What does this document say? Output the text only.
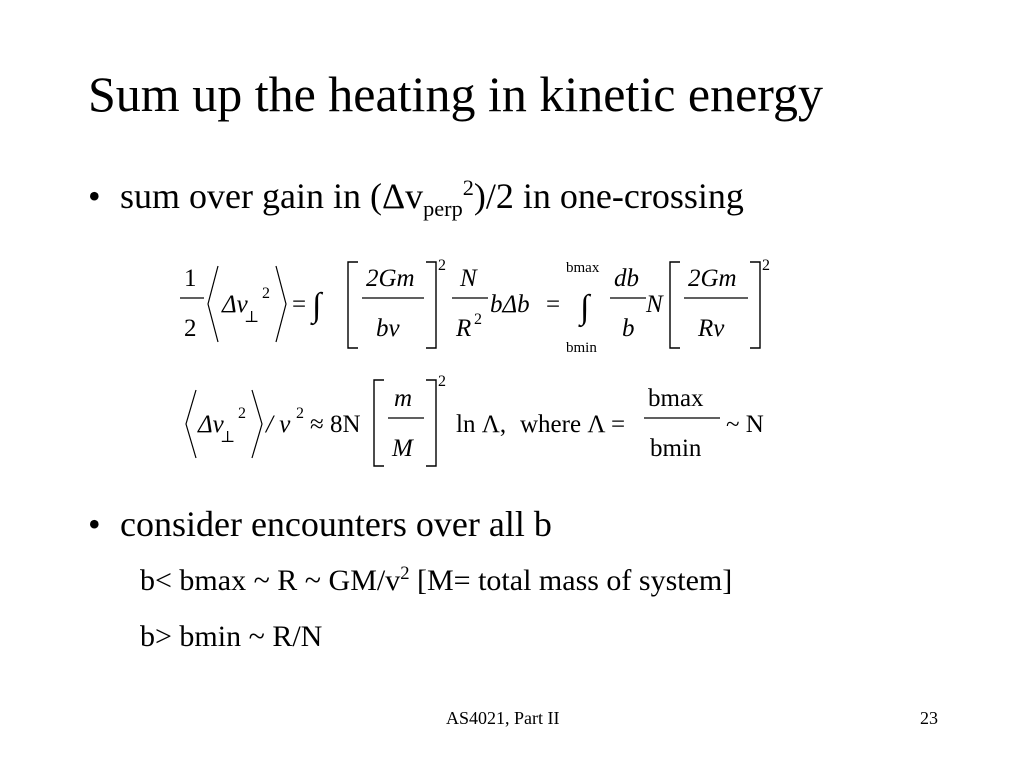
Sum up the heating in kinetic energy
• sum over gain in $(\Delta v_{perp}^2)/2$ in one-crossing
1
2
Δv
⊥
2 = ∫
2Gm
bv
2 N
R 2
bΔb =
bmax
∫
bmin
db
b
N
2Gm
Rv
2
Δv
⊥
2 / v 2 ≈ 8N
m
M
2
ln Λ, where Λ =
bmax
bmin
~ N
• consider encounters over all b
b< bmax ~ R ~ $GM/v^2$ [M= total mass of system]
b> bmin ~ R/N
AS4021, Part II	23
